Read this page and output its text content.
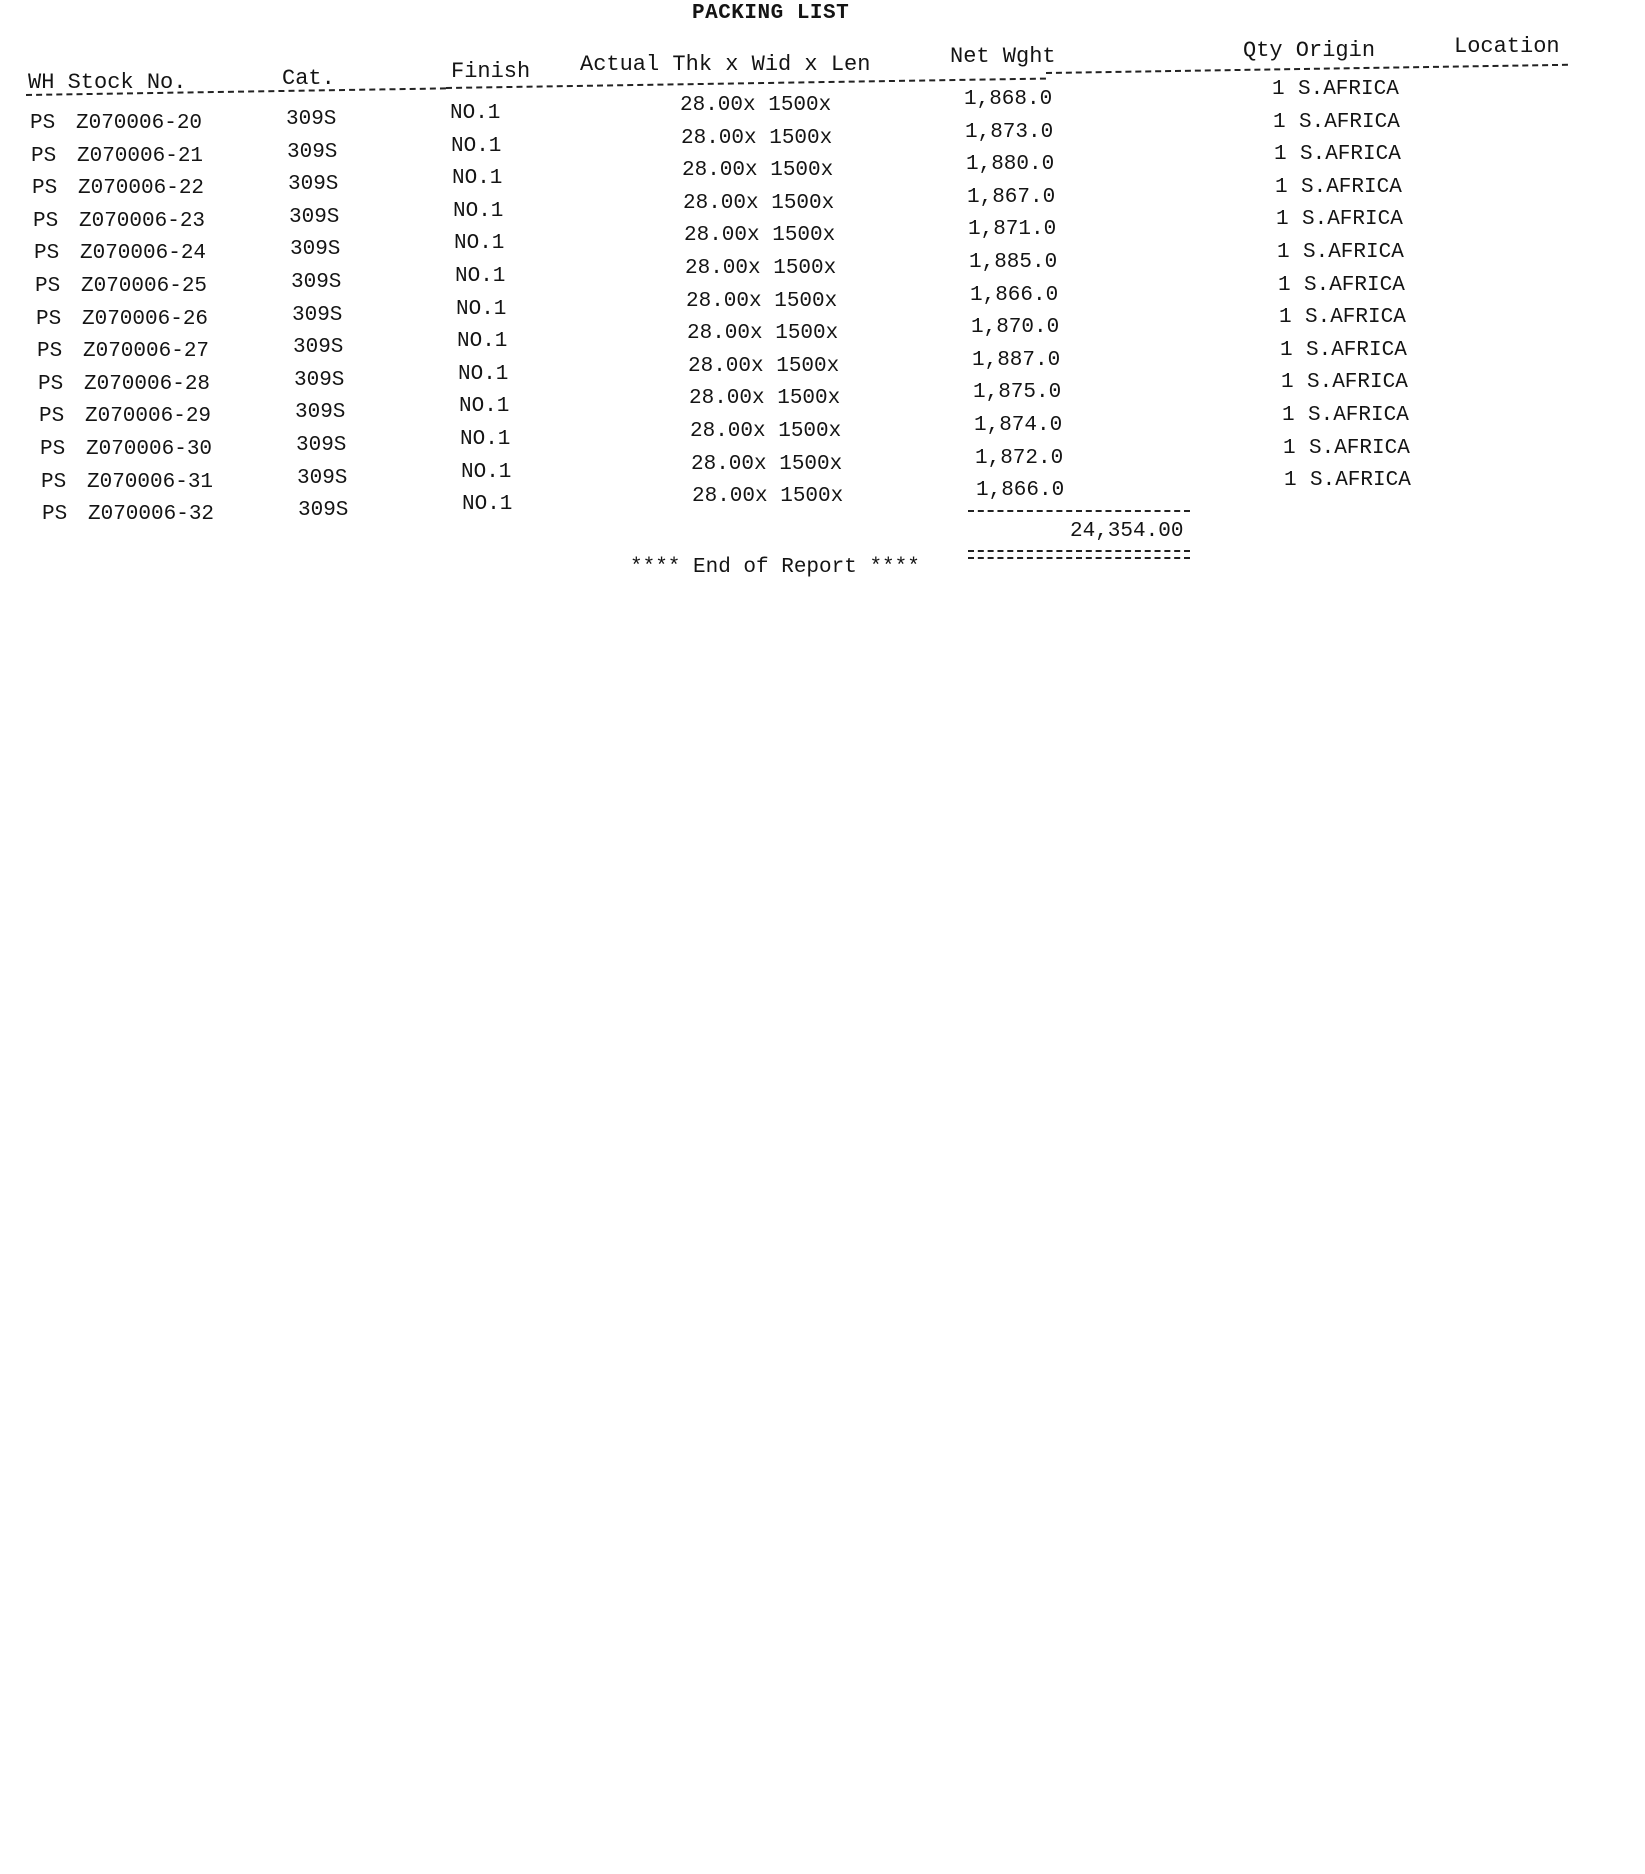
PACKING LIST
WH Stock No.	Cat.	Finish Actual Thk x Wid x Len	Net Wght	Qty Origin	Location
PS Z070006-20	309S	NO.1	28.00x 1500x	1,868.0	1 S.AFRICA
PS Z070006-21	309S	NO.1	28.00x 1500x	1,873.0	1 S.AFRICA
PS Z070006-22	309S	NO.1	28.00x 1500x	1,880.0	1 S.AFRICA
PS Z070006-23	309S	NO.1	28.00x 1500x	1,867.0	1 S.AFRICA
PS Z070006-24	309S	NO.1	28.00x 1500x	1,871.0	1 S.AFRICA
PS Z070006-25	309S	NO.1	28.00x 1500x	1,885.0	1 S.AFRICA
PS Z070006-26	309S	NO.1	28.00x 1500x	1,866.0	1 S.AFRICA
PS Z070006-27	309S	NO.1	28.00x 1500x	1,870.0	1 S.AFRICA
PS Z070006-28	309S	NO.1	28.00x 1500x	1,887.0	1 S.AFRICA
PS Z070006-29	309S	NO.1	28.00x 1500x	1,875.0	1 S.AFRICA
PS Z070006-30	309S	NO.1	28.00x 1500x	1,874.0	1 S.AFRICA
PS Z070006-31	309S	NO.1	28.00x 1500x	1,872.0	1 S.AFRICA
PS Z070006-32	309S	NO.1	28.00x 1500x	1,866.0	1 S.AFRICA
24,354.00
**** End of Report ****
